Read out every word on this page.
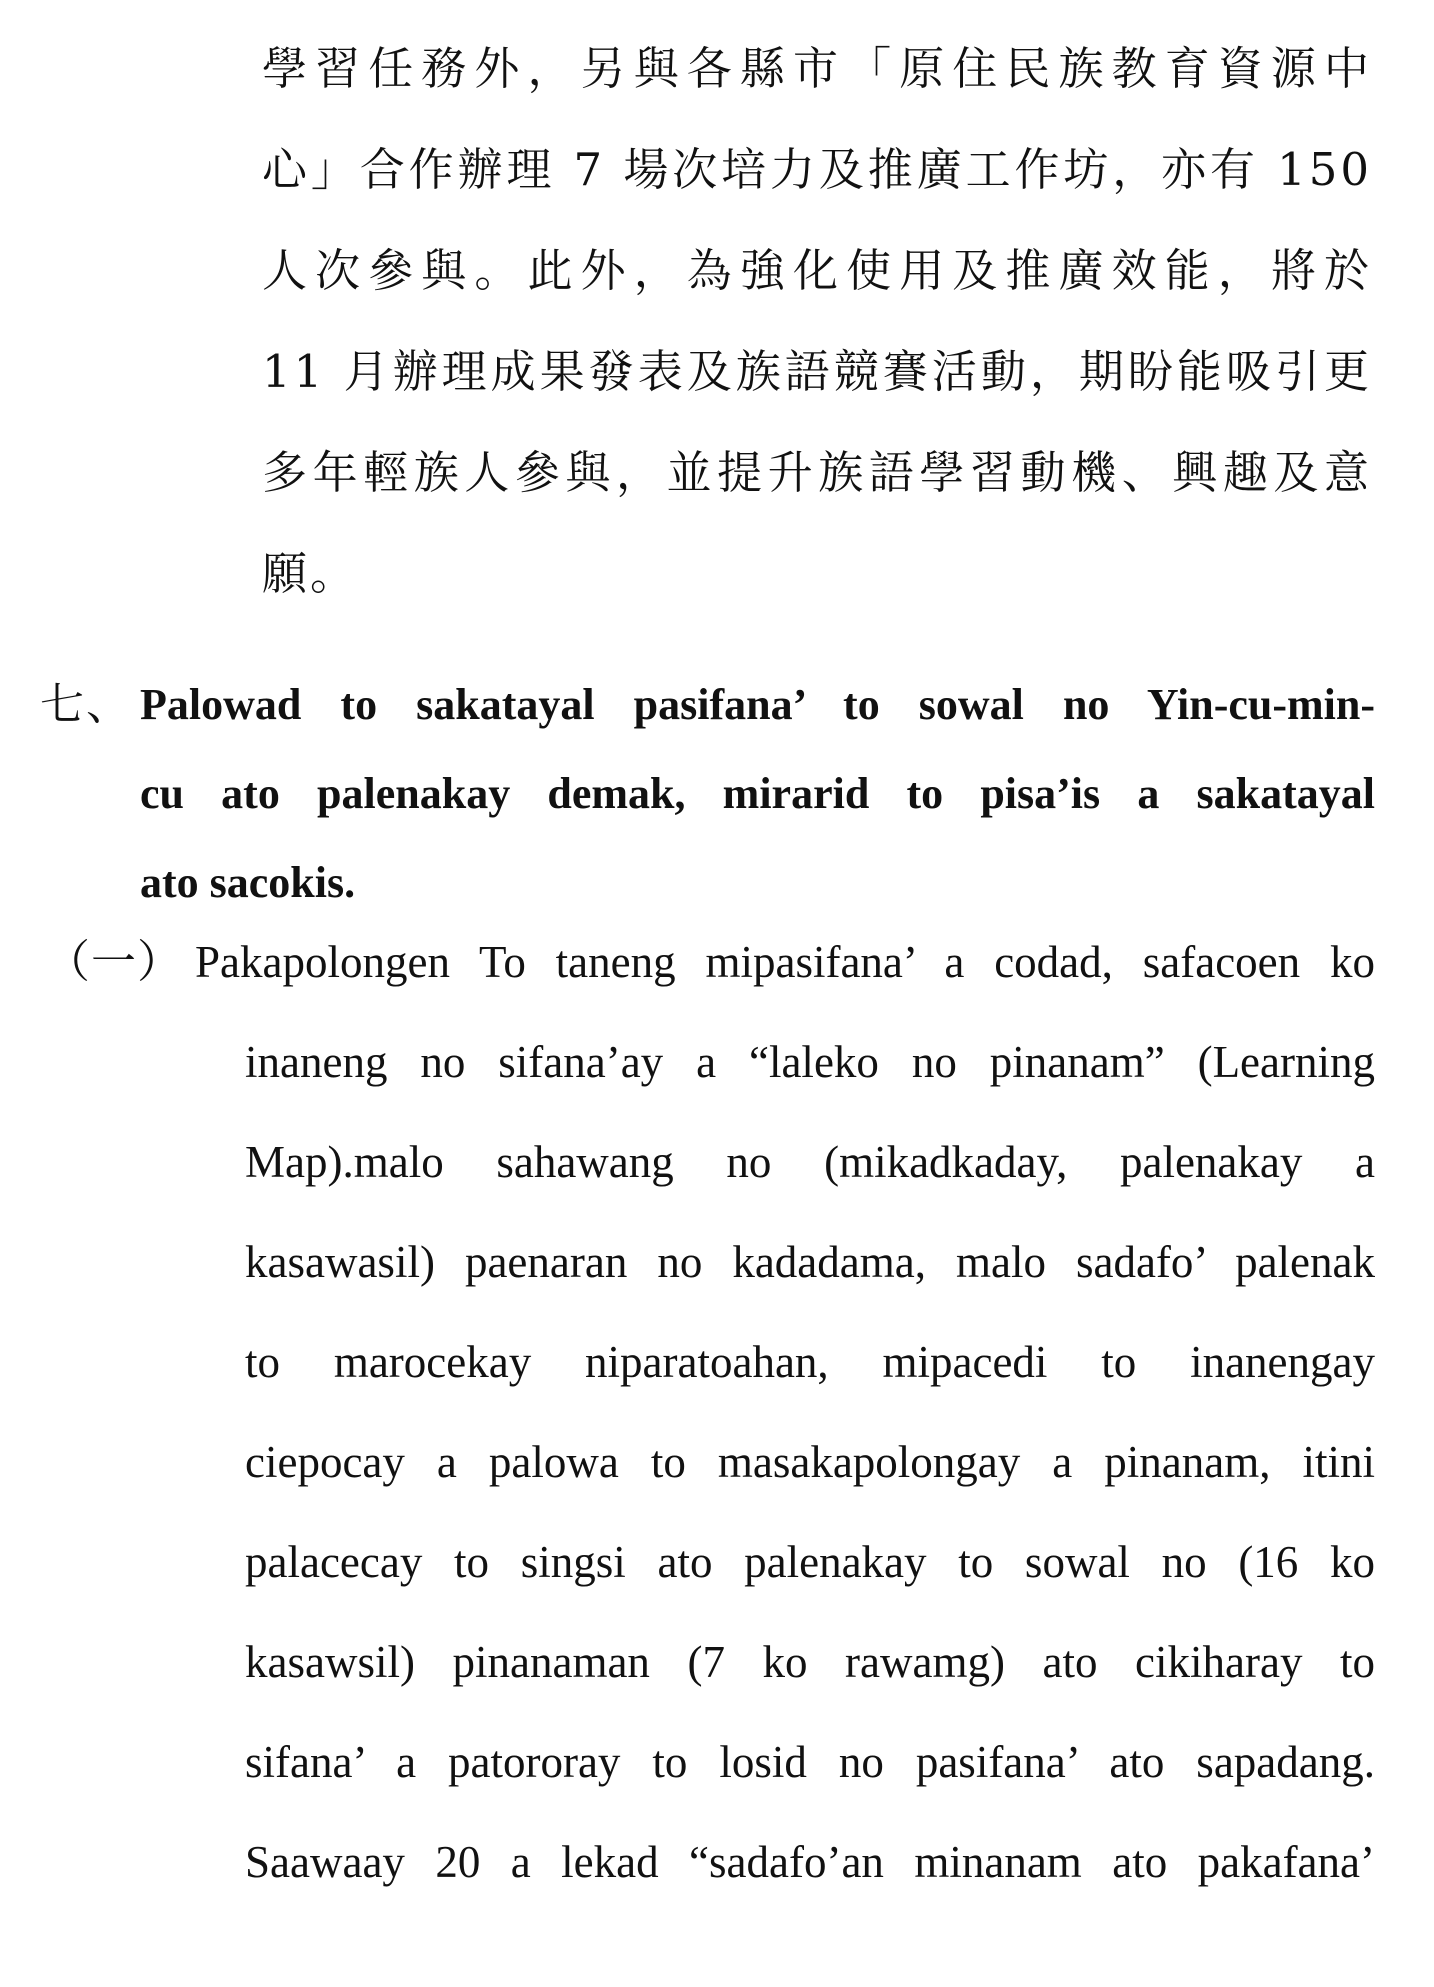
學習任務外，另與各縣市「原住民族教育資源中
心」合作辦理 7 場次培力及推廣工作坊，亦有 150
人次參與。此外，為強化使用及推廣效能，將於
11 月辦理成果發表及族語競賽活動，期盼能吸引更
多年輕族人參與，並提升族語學習動機、興趣及意
願。
七、 Palowad to sakatayal pasifana’ to sowal no Yin-cu-min-
cu ato palenakay demak, mirarid to pisa’is a sakatayal
ato sacokis.
（一） Pakapolongen To taneng mipasifana’ a codad, safacoen ko
inaneng no sifana’ay a “laleko no pinanam” (Learning
Map).malo sahawang no (mikadkaday, palenakay a
kasawasil) paenaran no kadadama, malo sadafo’ palenak
to marocekay niparatoahan, mipacedi to inanengay
ciepocay a palowa to masakapolongay a pinanam, itini
palacecay to singsi ato palenakay to sowal no (16 ko
kasawsil) pinanaman (7 ko rawamg) ato cikiharay to
sifana’ a patororay to losid no pasifana’ ato sapadang.
Saawaay 20 a lekad “sadafo’an minanam ato pakafana’
